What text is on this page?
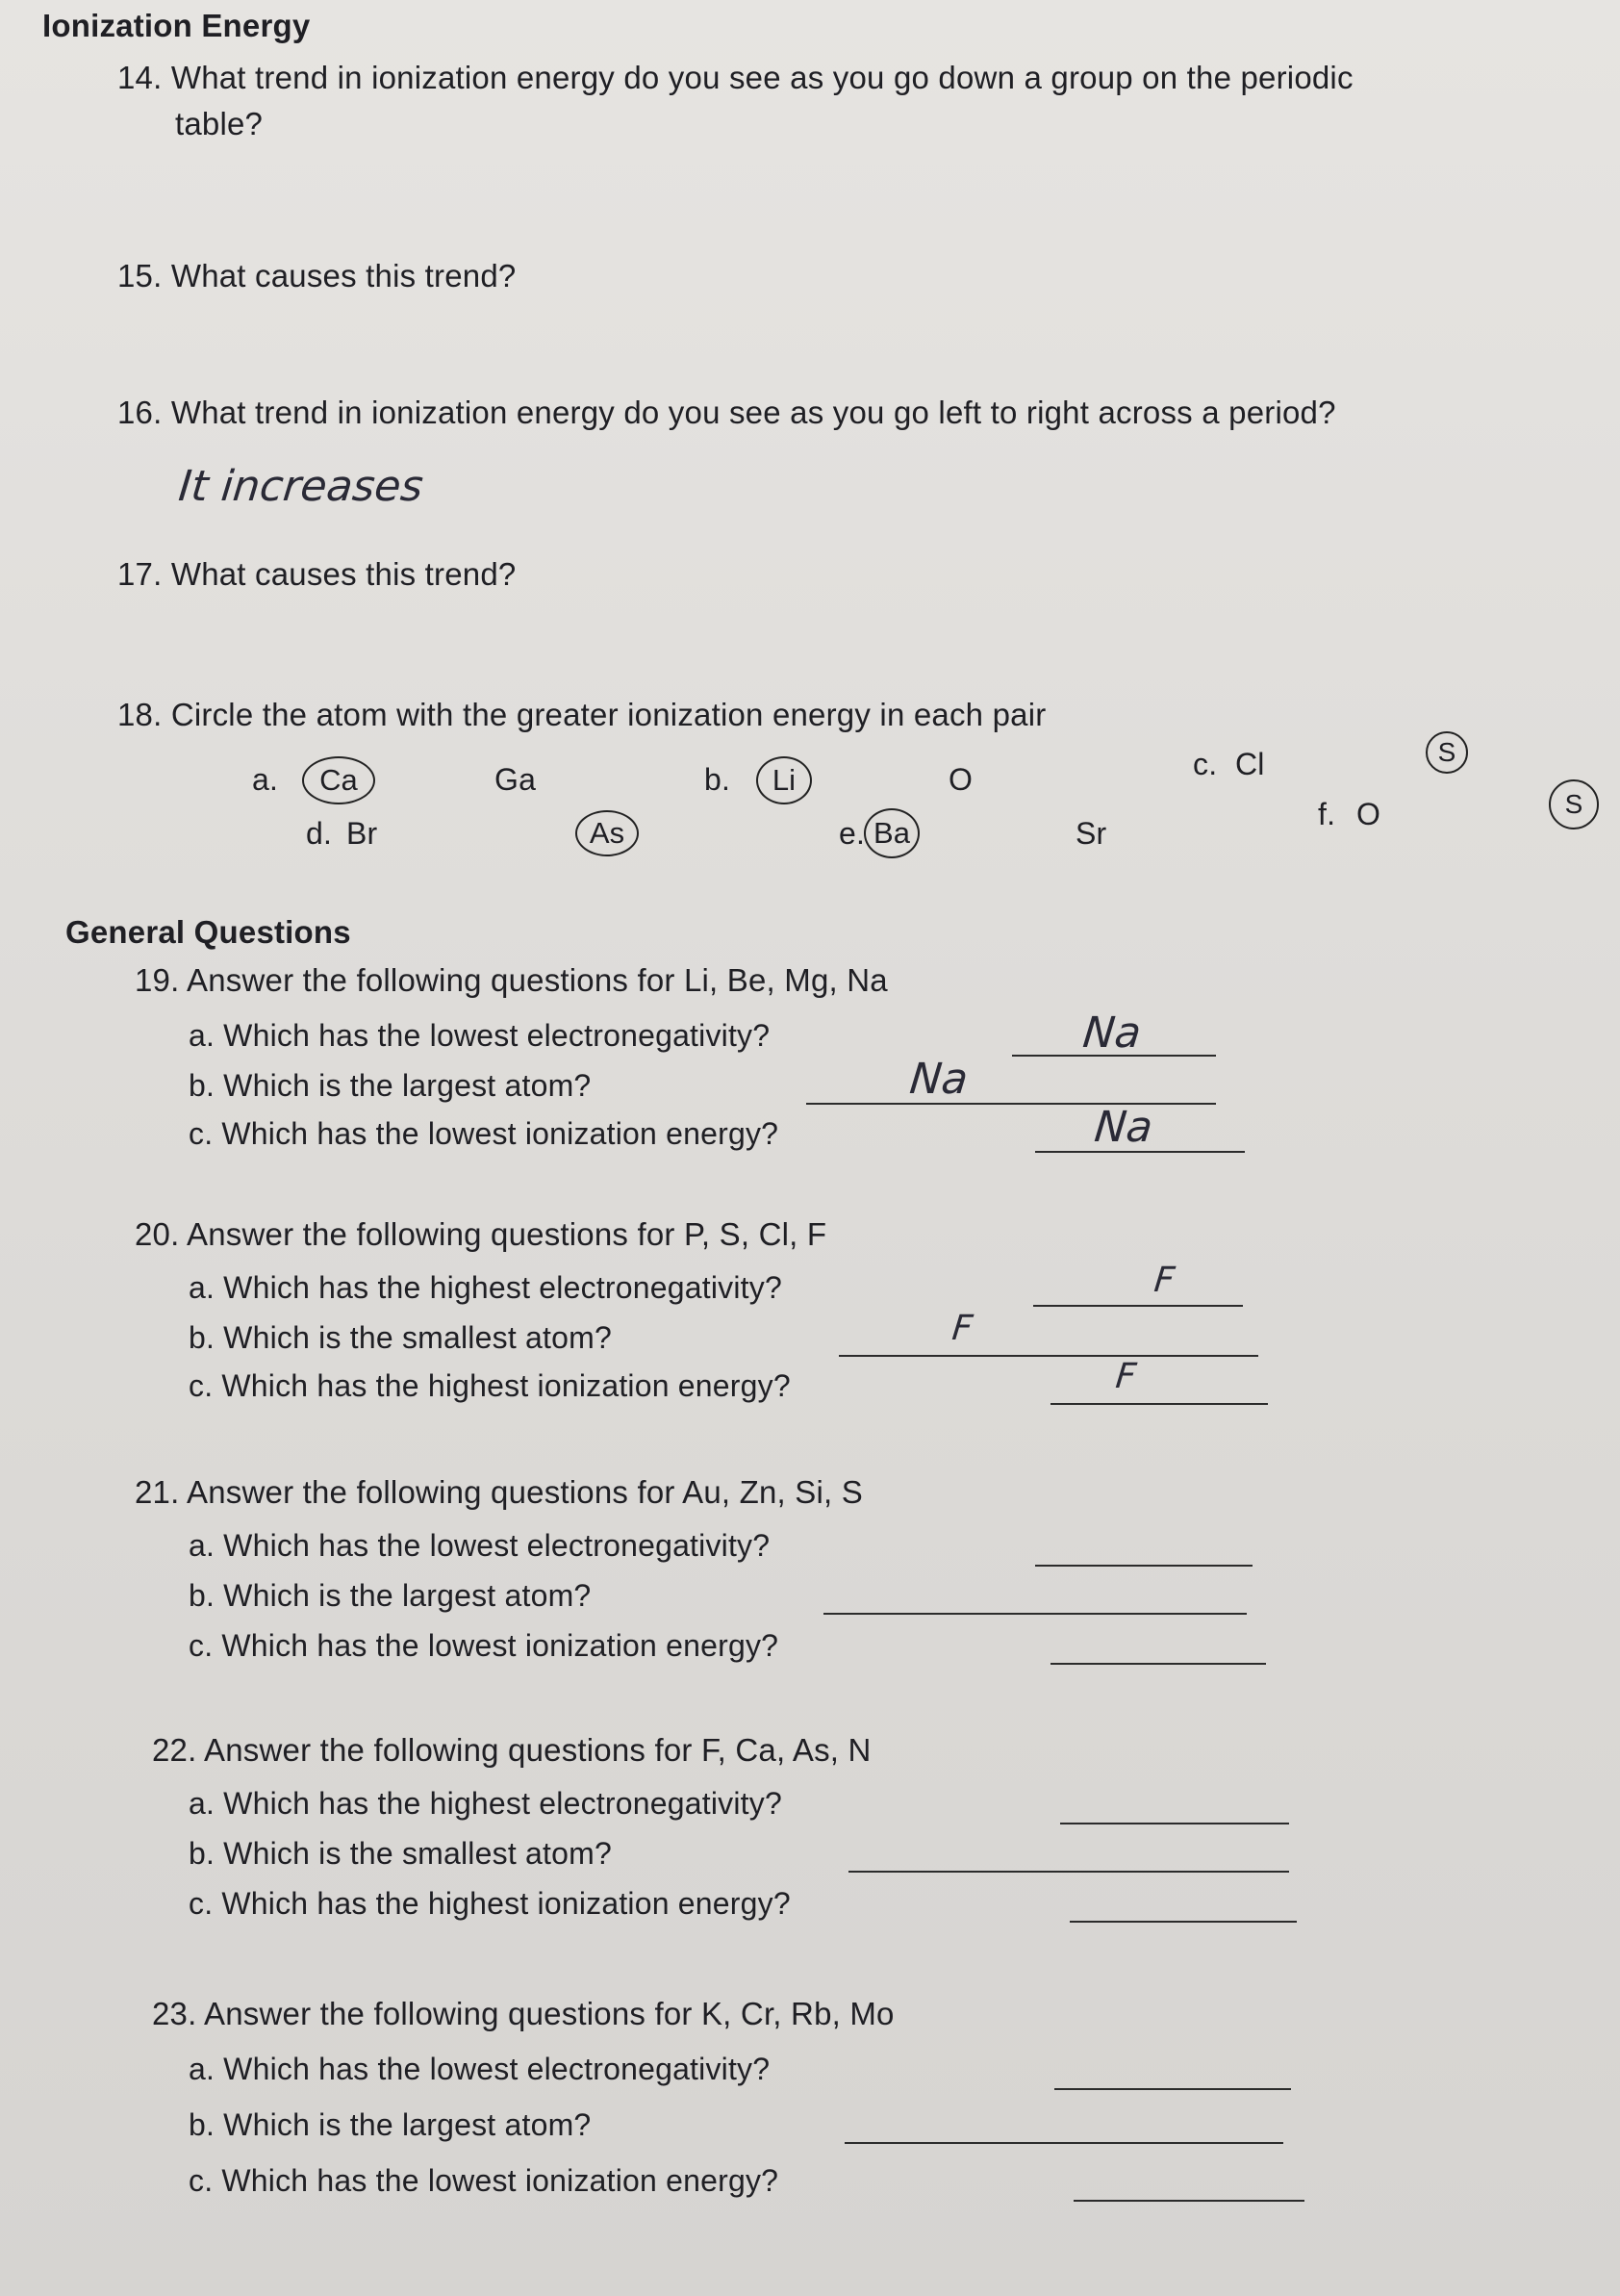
Ionization Energy
14. What trend in ionization energy do you see as you go down a group on the periodic
table?
15. What causes this trend?
16. What trend in ionization energy do you see as you go left to right across a period?
It increases
17. What causes this trend?
18. Circle the atom with the greater ionization energy in each pair
a. Ca	Ga	b. Li	O	c. Cl	S
d. Br	As	e. Ba	Sr
f. O	S
General Questions
19. Answer the following questions for Li, Be, Mg, Na
a. Which has the lowest electronegativity?	Na
b. Which is the largest atom?	Na
c. Which has the lowest ionization energy?	Na
20. Answer the following questions for P, S, Cl, F
a. Which has the highest electronegativity?	F
b. Which is the smallest atom?	F
c. Which has the highest ionization energy?	F
21. Answer the following questions for Au, Zn, Si, S
a. Which has the lowest electronegativity?
b. Which is the largest atom?
c. Which has the lowest ionization energy?
22. Answer the following questions for F, Ca, As, N
a. Which has the highest electronegativity?
b. Which is the smallest atom?
c. Which has the highest ionization energy?
23. Answer the following questions for K, Cr, Rb, Mo
a. Which has the lowest electronegativity?
b. Which is the largest atom?
c. Which has the lowest ionization energy?
